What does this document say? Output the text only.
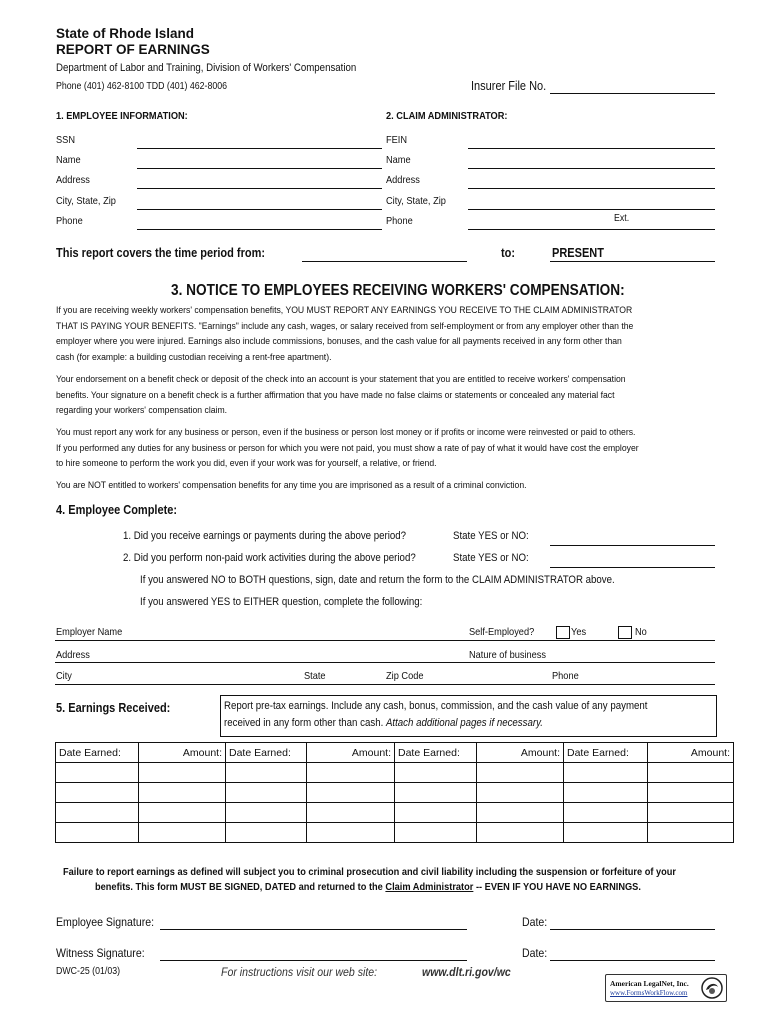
State of Rhode Island
REPORT OF EARNINGS
Department of Labor and Training, Division of Workers' Compensation
Phone (401) 462-8100 TDD (401) 462-8006	Insurer File No.
1. EMPLOYEE INFORMATION:	2. CLAIM ADMINISTRATOR:
SSN	FEIN
Name	Name
Address	Address
City, State, Zip	City, State, Zip
Phone	Phone	Ext.
This report covers the time period from:	to:	PRESENT
3. NOTICE TO EMPLOYEES RECEIVING WORKERS' COMPENSATION:
If you are receiving weekly workers' compensation benefits, YOU MUST REPORT ANY EARNINGS YOU RECEIVE TO THE CLAIM ADMINISTRATOR
THAT IS PAYING YOUR BENEFITS. "Earnings" include any cash, wages, or salary received from self-employment or from any employer other than the
employer where you were injured. Earnings also include commissions, bonuses, and the cash value for all payments received in any form other than
cash (for example: a building custodian receiving a rent-free apartment).
Your endorsement on a benefit check or deposit of the check into an account is your statement that you are entitled to receive workers' compensation
benefits. Your signature on a benefit check is a further affirmation that you have made no false claims or statements or concealed any material fact
regarding your workers' compensation claim.
You must report any work for any business or person, even if the business or person lost money or if profits or income were reinvested or paid to others.
If you performed any duties for any business or person for which you were not paid, you must show a rate of pay of what it would have cost the employer
to hire someone to perform the work you did, even if your work was for yourself, a relative, or friend.
You are NOT entitled to workers' compensation benefits for any time you are imprisoned as a result of a criminal conviction.
4. Employee Complete:
1. Did you receive earnings or payments during the above period?	State YES or NO:
2. Did you perform non-paid work activities during the above period?	State YES or NO:
If you answered NO to BOTH questions, sign, date and return the form to the CLAIM ADMINISTRATOR above.
If you answered YES to EITHER question, complete the following:
Employer Name	Self-Employed?	Yes	No
Address	Nature of business
City	State	Zip Code	Phone
5. Earnings Received:	Report pre-tax earnings. Include any cash, bonus, commission, and the cash value of any payment
received in any form other than cash. Attach additional pages if necessary.
Date Earned:	Amount:	Date Earned:	Amount:	Date Earned:	Amount:	Date Earned:	Amount:

Failure to report earnings as defined will subject you to criminal prosecution and civil liability including the suspension or forfeiture of your
benefits. This form MUST BE SIGNED, DATED and returned to the Claim Administrator -- EVEN IF YOU HAVE NO EARNINGS.
Employee Signature:	Date:
Witness Signature:	Date:
DWC-25 (01/03)	For instructions visit our web site:	www.dlt.ri.gov/wc
American LegalNet, Inc.
www.FormsWorkFlow.com
